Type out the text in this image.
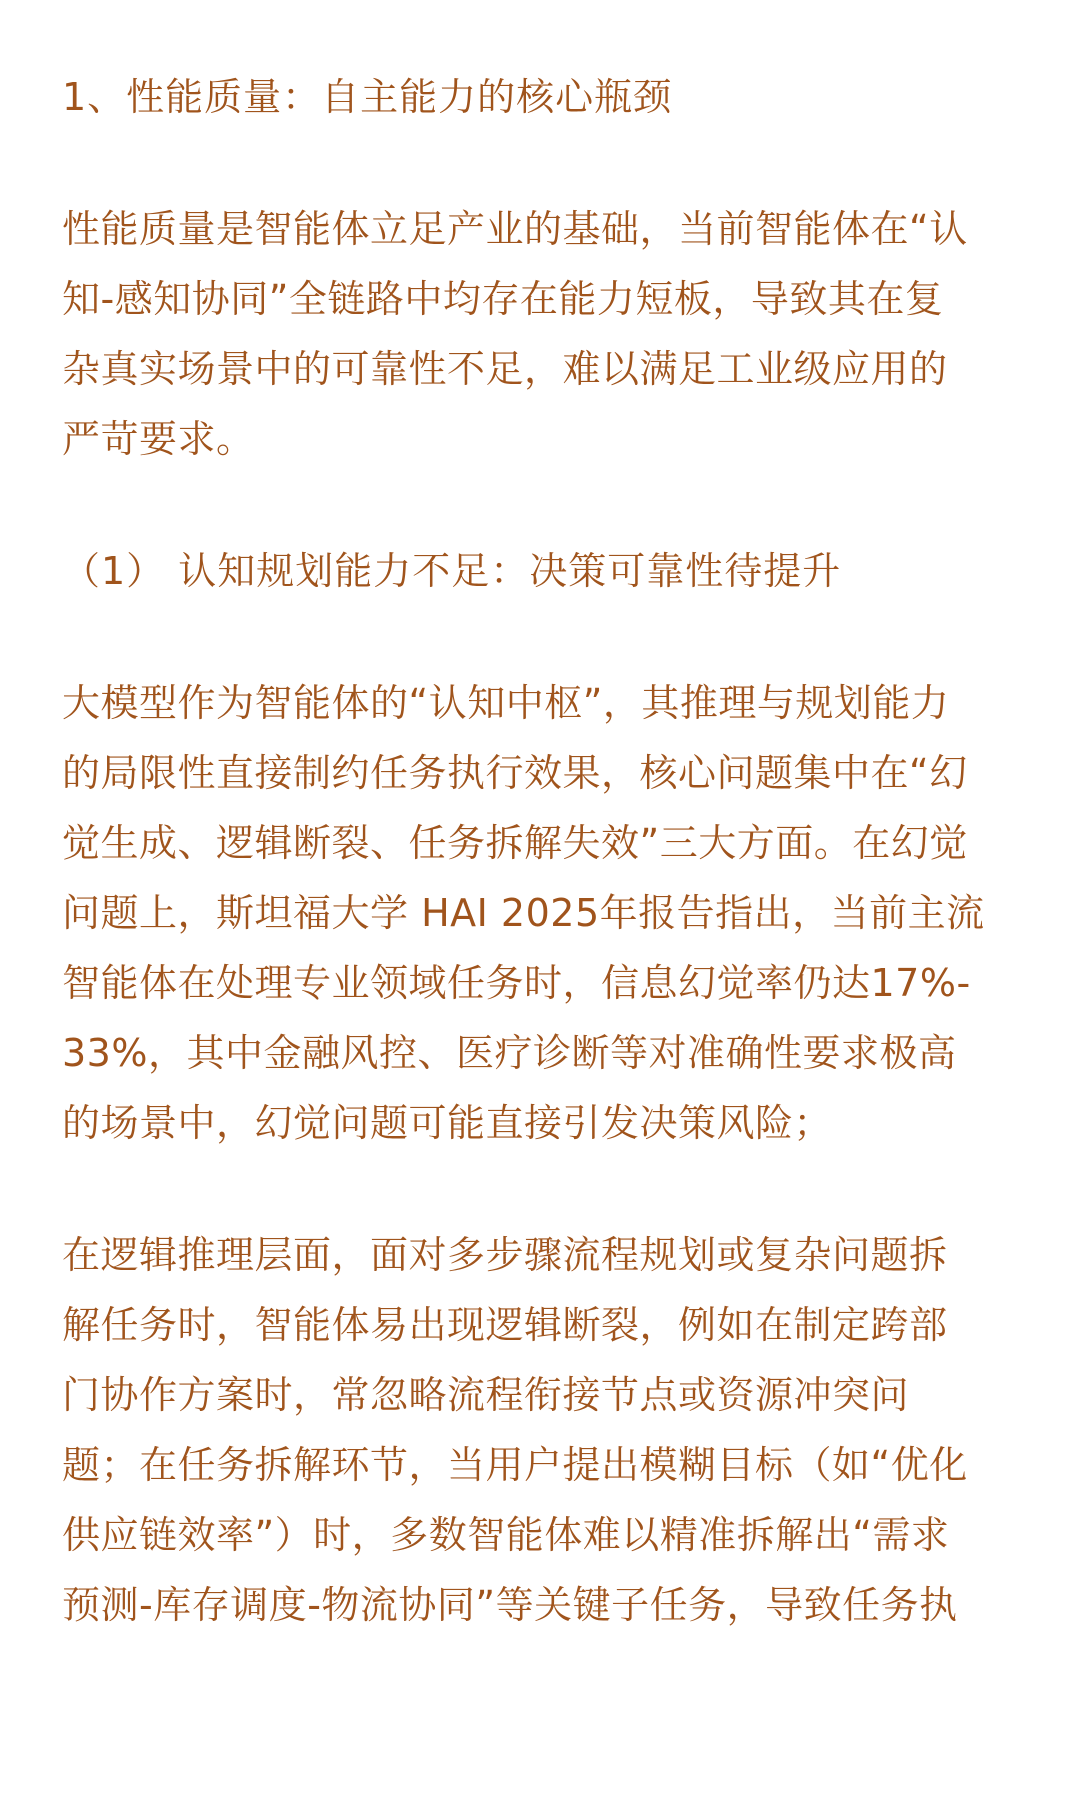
1、性能质量：自主能力的核心瓶颈
性能质量是智能体立足产业的基础，当前智能体在“认
知-感知协同”全链路中均存在能力短板，导致其在复
杂真实场景中的可靠性不足，难以满足工业级应用的
严苛要求。
（1） 认知规划能力不足：决策可靠性待提升
大模型作为智能体的“认知中枢”，其推理与规划能力
的局限性直接制约任务执行效果，核心问题集中在“幻
觉生成、逻辑断裂、任务拆解失效”三大方面。在幻觉
问题上，斯坦福大学 HAI 2025年报告指出，当前主流
智能体在处理专业领域任务时，信息幻觉率仍达17%-
33%，其中金融风控、医疗诊断等对准确性要求极高
的场景中，幻觉问题可能直接引发决策风险；
在逻辑推理层面，面对多步骤流程规划或复杂问题拆
解任务时，智能体易出现逻辑断裂，例如在制定跨部
门协作方案时，常忽略流程衔接节点或资源冲突问
题；在任务拆解环节，当用户提出模糊目标（如“优化
供应链效率”）时，多数智能体难以精准拆解出“需求
预测-库存调度-物流协同”等关键子任务，导致任务执
